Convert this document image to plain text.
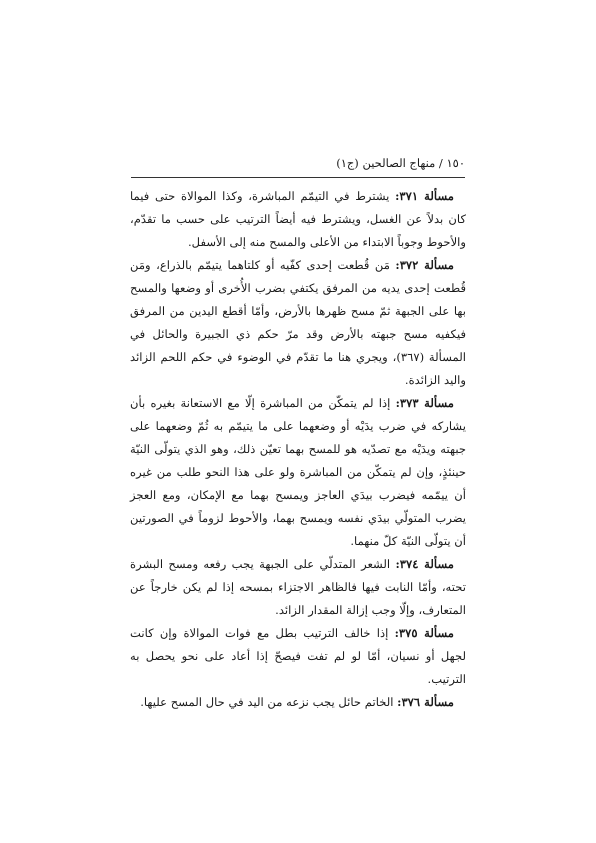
١٥٠ / منهاج الصالحين (ج١)

مسألة ٣٧١: يشترط في التيمّم المباشرة، وكذا الموالاة حتى فيما كان بدلاً عن الغسل، ويشترط فيه أيضاً الترتيب على حسب ما تقدّم، والأحوط وجوباً الابتداء من الأعلى والمسح منه إلى الأسفل.

مسألة ٣٧٢: مَن قُطعت إحدى كفّيه أو كلتاهما يتيمّم بالذراع، ومَن قُطعت إحدى يديه من المرفق يكتفي بضرب الأُخرى أو وضعها والمسح بها على الجبهة ثمّ مسح ظهرها بالأرض، وأمّا أقطع اليدين من المرفق فيكفيه مسح جبهته بالأرض وقد مرّ حكم ذي الجبيرة والحائل في المسألة (٣٦٧)، ويجري هنا ما تقدّم في الوضوء في حكم اللحم الزائد واليد الزائدة.

مسألة ٣٧٣: إذا لم يتمكّن من المباشرة إلّا مع الاستعانة بغيره بأن يشاركه في ضرب يدَيْه أو وضعهما على ما يتيمّم به ثُمّ وضعهما على جبهته ويدَيْه مع تصدّيه هو للمسح بهما تعيّن ذلك، وهو الذي يتولّى النيّة حينئذٍ، وإن لم يتمكّن من المباشرة ولو على هذا النحو طلب من غيره أن ييمّمه فيضرب بيدَي العاجز ويمسح بهما مع الإمكان، ومع العجز يضرب المتولّي بيدَي نفسه ويمسح بهما، والأحوط لزوماً في الصورتين أن يتولّى النيّة كلّ منهما.

مسألة ٣٧٤: الشعر المتدلّي على الجبهة يجب رفعه ومسح البشرة تحته، وأمّا النابت فيها فالظاهر الاجتزاء بمسحه إذا لم يكن خارجاً عن المتعارف، وإلّا وجب إزالة المقدار الزائد.

مسألة ٣٧٥: إذا خالف الترتيب بطل مع فوات الموالاة وإن كانت لجهل أو نسيان، أمّا لو لم تفت فيصحّ إذا أعاد على نحو يحصل به الترتيب.

مسألة ٣٧٦: الخاتم حائل يجب نزعه من اليد في حال المسح عليها.
